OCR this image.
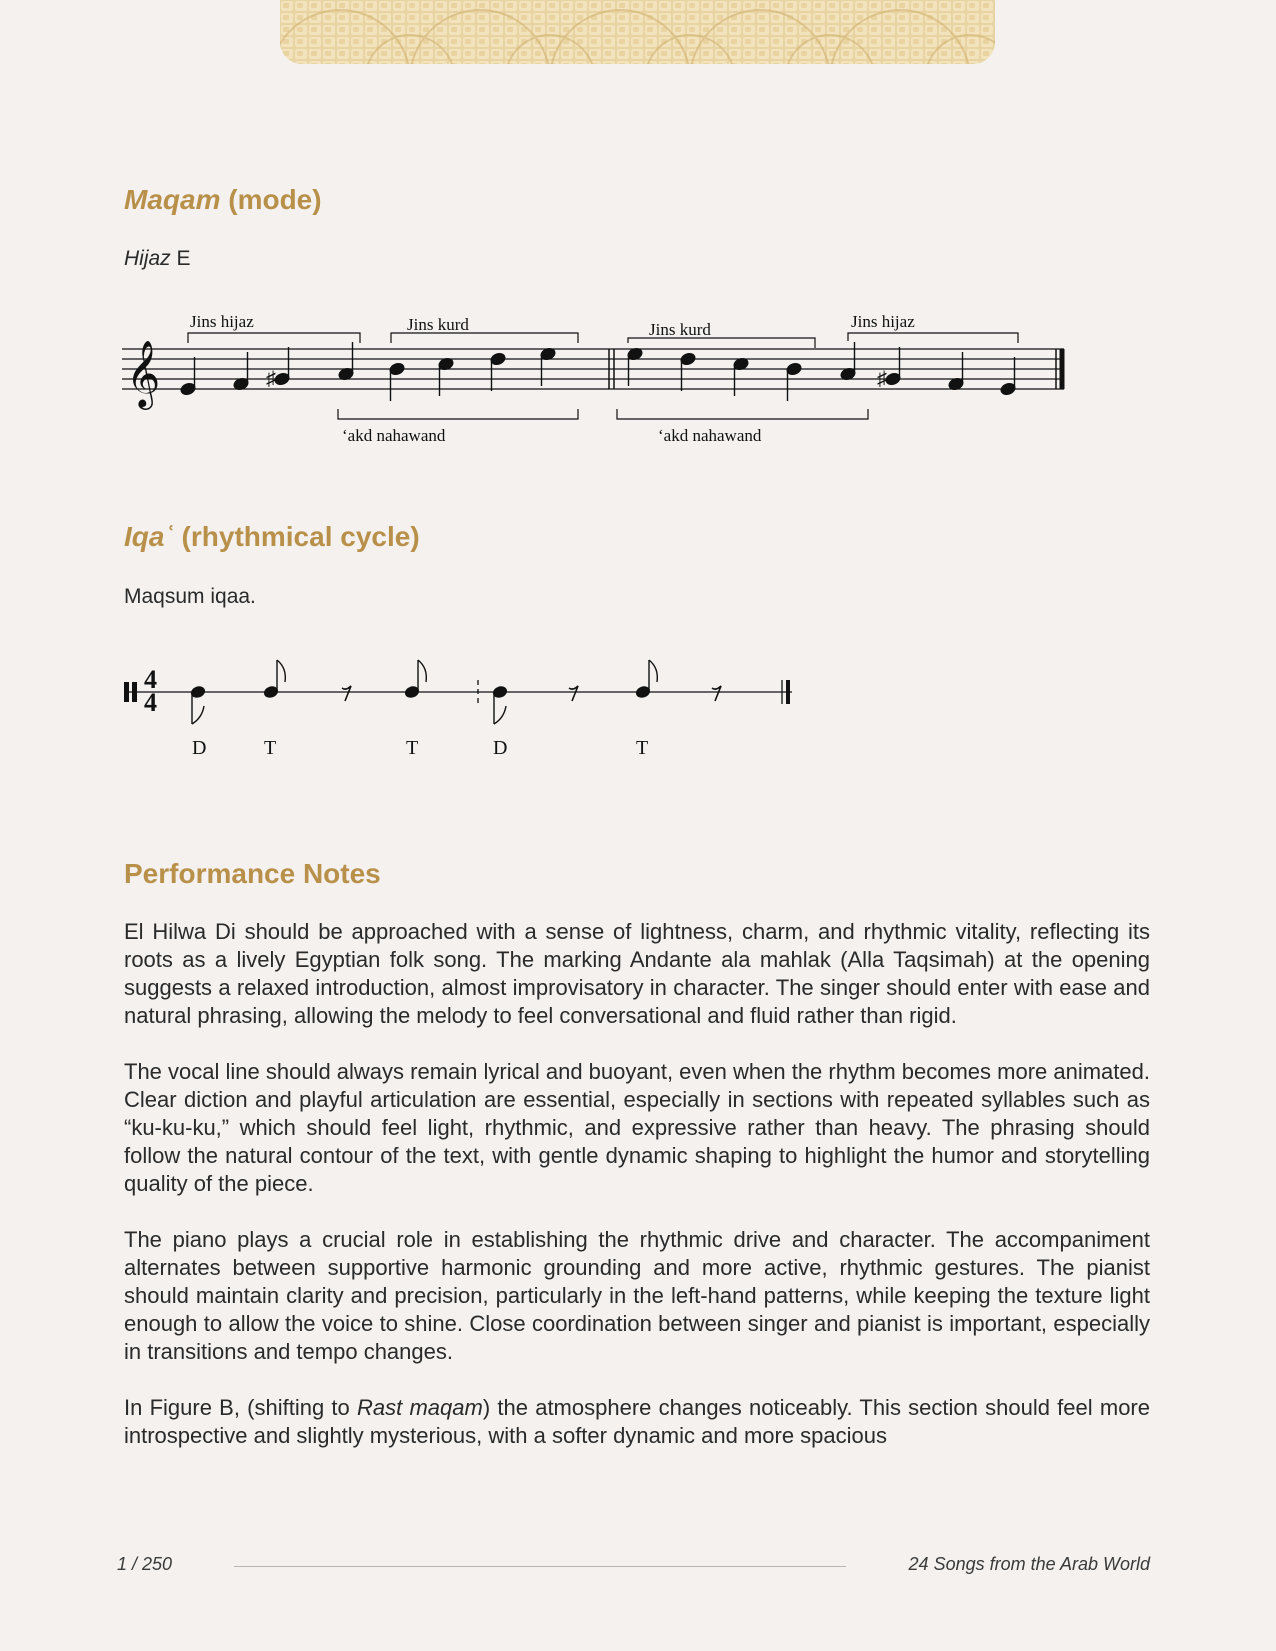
Maqam (mode)
Hijaz E
𝄞	♯	♯
Jins hijaz	Jins kurd	Jins kurd	Jins hijaz
‘akd nahawand	‘akd nahawand
Iqaʿ (rhythmical cycle)
Maqsum iqaa.
4
4
D	T	T	D	T
Performance Notes

El Hilwa Di should be approached with a sense of lightness, charm, and rhythmic vitality, reflecting its roots as a lively Egyptian folk song. The marking Andante ala mahlak (Alla Taqsimah) at the opening suggests a relaxed introduction, almost improvisatory in character. The singer should enter with ease and natural phrasing, allowing the melody to feel conversational and fluid rather than rigid.

The vocal line should always remain lyrical and buoyant, even when the rhythm becomes more animated. Clear diction and playful articulation are essential, especially in sections with repeated syllables such as “ku-ku-ku,” which should feel light, rhythmic, and expressive rather than heavy. The phrasing should follow the natural contour of the text, with gentle dynamic shaping to highlight the humor and storytelling quality of the piece.

The piano plays a crucial role in establishing the rhythmic drive and character. The accompaniment alternates between supportive harmonic grounding and more active, rhythmic gestures. The pianist should maintain clarity and precision, particularly in the left-hand patterns, while keeping the texture light enough to allow the voice to shine. Close coordination between singer and pianist is important, especially in transitions and tempo changes.

In Figure B, (shifting to Rast maqam) the atmosphere changes noticeably. This section should feel more introspective and slightly mysterious, with a softer dynamic and more spacious

1 / 250	24 Songs from the Arab World
